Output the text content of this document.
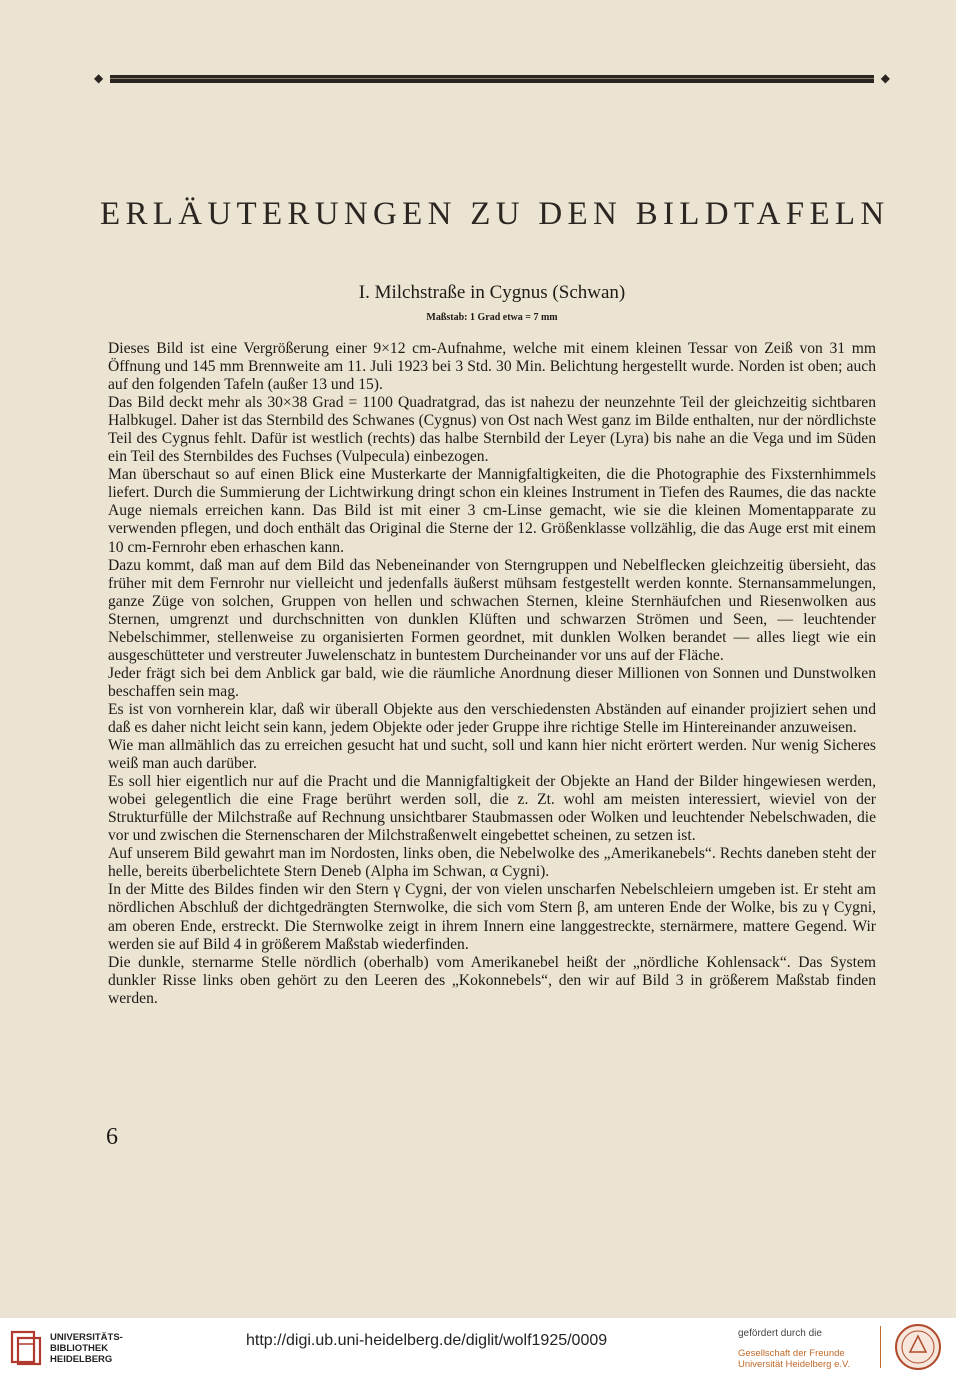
◆	◆
ERLÄUTERUNGEN ZU DEN BILDTAFELN
I. Milchstraße in Cygnus (Schwan)
Maßstab: 1 Grad etwa = 7 mm

Dieses Bild ist eine Vergrößerung einer 9×12 cm-Aufnahme, welche mit einem kleinen Tessar von Zeiß von 31 mm Öffnung und 145 mm Brennweite am 11. Juli 1923 bei 3 Std. 30 Min. Belichtung hergestellt wurde. Norden ist oben; auch auf den folgenden Tafeln (außer 13 und 15).

Das Bild deckt mehr als 30×38 Grad = 1100 Quadratgrad, das ist nahezu der neunzehnte Teil der gleichzeitig sichtbaren Halbkugel. Daher ist das Sternbild des Schwanes (Cygnus) von Ost nach West ganz im Bilde enthalten, nur der nördlichste Teil des Cygnus fehlt. Dafür ist westlich (rechts) das halbe Sternbild der Leyer (Lyra) bis nahe an die Vega und im Süden ein Teil des Sternbildes des Fuchses (Vulpecula) einbezogen.

Man überschaut so auf einen Blick eine Musterkarte der Mannigfaltigkeiten, die die Photographie des Fixsternhimmels liefert. Durch die Summierung der Lichtwirkung dringt schon ein kleines Instrument in Tiefen des Raumes, die das nackte Auge niemals erreichen kann. Das Bild ist mit einer 3 cm-Linse gemacht, wie sie die kleinen Momentapparate zu verwenden pflegen, und doch enthält das Original die Sterne der 12. Größenklasse vollzählig, die das Auge erst mit einem 10 cm-Fernrohr eben erhaschen kann.

Dazu kommt, daß man auf dem Bild das Nebeneinander von Sterngruppen und Nebelflecken gleichzeitig übersieht, das früher mit dem Fernrohr nur vielleicht und jedenfalls äußerst mühsam festgestellt werden konnte. Sternansammelungen, ganze Züge von solchen, Gruppen von hellen und schwachen Sternen, kleine Sternhäufchen und Riesenwolken aus Sternen, umgrenzt und durchschnitten von dunklen Klüften und schwarzen Strömen und Seen, — leuchtender Nebelschimmer, stellenweise zu organisierten Formen geordnet, mit dunklen Wolken berandet — alles liegt wie ein ausgeschütteter und verstreuter Juwelenschatz in buntestem Durcheinander vor uns auf der Fläche.

Jeder frägt sich bei dem Anblick gar bald, wie die räumliche Anordnung dieser Millionen von Sonnen und Dunstwolken beschaffen sein mag.

Es ist von vornherein klar, daß wir überall Objekte aus den verschiedensten Abständen auf einander projiziert sehen und daß es daher nicht leicht sein kann, jedem Objekte oder jeder Gruppe ihre richtige Stelle im Hintereinander anzuweisen.

Wie man allmählich das zu erreichen gesucht hat und sucht, soll und kann hier nicht erörtert werden. Nur wenig Sicheres weiß man auch darüber.

Es soll hier eigentlich nur auf die Pracht und die Mannigfaltigkeit der Objekte an Hand der Bilder hingewiesen werden, wobei gelegentlich die eine Frage berührt werden soll, die z. Zt. wohl am meisten interessiert, wieviel von der Strukturfülle der Milchstraße auf Rechnung unsichtbarer Staubmassen oder Wolken und leuchtender Nebelschwaden, die vor und zwischen die Sternenscharen der Milchstraßenwelt eingebettet scheinen, zu setzen ist.

Auf unserem Bild gewahrt man im Nordosten, links oben, die Nebelwolke des „Amerikanebels“. Rechts daneben steht der helle, bereits überbelichtete Stern Deneb (Alpha im Schwan, α Cygni).

In der Mitte des Bildes finden wir den Stern γ Cygni, der von vielen unscharfen Nebelschleiern umgeben ist. Er steht am nördlichen Abschluß der dichtgedrängten Sternwolke, die sich vom Stern β, am unteren Ende der Wolke, bis zu γ Cygni, am oberen Ende, erstreckt. Die Sternwolke zeigt in ihrem Innern eine langgestreckte, sternärmere, mattere Gegend. Wir werden sie auf Bild 4 in größerem Maßstab wiederfinden.

Die dunkle, sternarme Stelle nördlich (oberhalb) vom Amerikanebel heißt der „nördliche Kohlensack“. Das System dunkler Risse links oben gehört zu den Leeren des „Kokonnebels“, den wir auf Bild 3 in größerem Maßstab finden werden.

6
UNIVERSITÄTS-
BIBLIOTHEK
HEIDELBERG
http://digi.ub.uni-heidelberg.de/diglit/wolf1925/0009	gefördert durch die
Gesellschaft der Freunde
Universität Heidelberg e.V.
